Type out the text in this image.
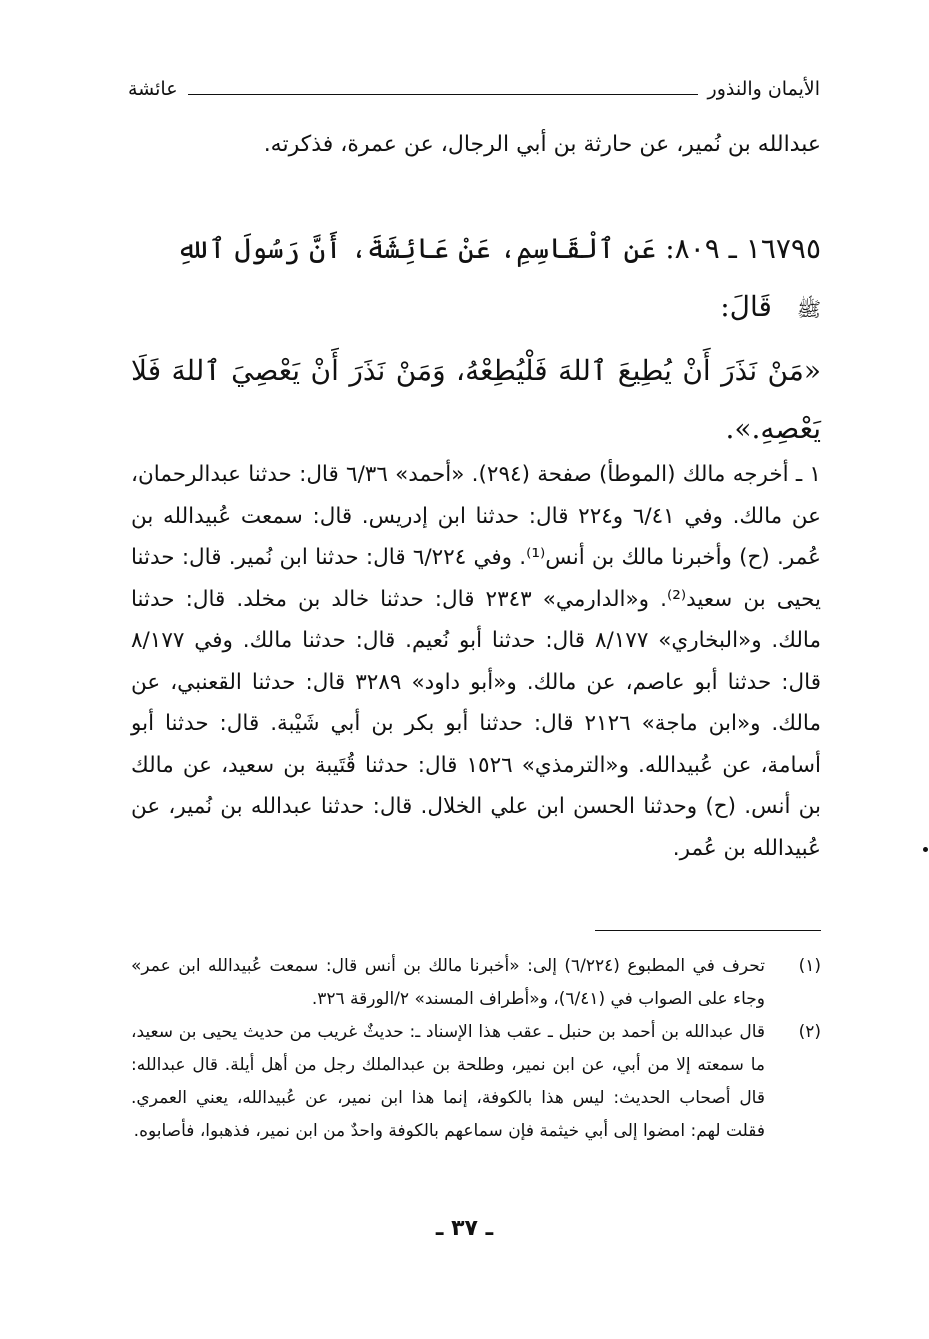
الأيمان والنذور
عائشة
عبدالله بن نُمير، عن حارثة بن أبي الرجال، عن عمرة، فذكرته.
١٦٧٩٥ ـ ٨٠٩: عَنِ ٱلْقَاسِمِ، عَنْ عَائِشَةَ، أَنَّ رَسُولَ ٱللهِ
ﷺ قَالَ:
«مَنْ نَذَرَ أَنْ يُطِيعَ ٱللهَ فَلْيُطِعْهُ، وَمَنْ نَذَرَ أَنْ يَعْصِيَ ٱللهَ فَلَا يَعْصِهِ.».
١ ـ أخرجه مالك (الموطأ) صفحة (٢٩٤). «أحمد» ٦/٣٦ قال: حدثنا عبدالرحمان، عن مالك. وفي ٦/٤١ و٢٢٤ قال: حدثنا ابن إدريس. قال: سمعت عُبيدالله بن عُمر. (ح) وأخبرنا مالك بن أنس⁽¹⁾. وفي ٦/٢٢٤ قال: حدثنا ابن نُمير. قال: حدثنا يحيى بن سعيد⁽²⁾. و«الدارمي» ٢٣٤٣ قال: حدثنا خالد بن مخلد. قال: حدثنا مالك. و«البخاري» ٨/١٧٧ قال: حدثنا أبو نُعيم. قال: حدثنا مالك. وفي ٨/١٧٧ قال: حدثنا أبو عاصم، عن مالك. و«أبو داود» ٣٢٨٩ قال: حدثنا القعنبي، عن مالك. و«ابن ماجة» ٢١٢٦ قال: حدثنا أبو بكر بن أبي شَيْبة. قال: حدثنا أبو أسامة، عن عُبيدالله. و«الترمذي» ١٥٢٦ قال: حدثنا قُتَيبة بن سعيد، عن مالك بن أنس. (ح) وحدثنا الحسن ابن علي الخلال. قال: حدثنا عبدالله بن نُمير، عن عُبيدالله بن عُمر.
(١)
تحرف في المطبوع (٦/٢٢٤) إلى: «أخبرنا مالك بن أنس قال: سمعت عُبيدالله ابن عمر» وجاء على الصواب في (٦/٤١)، و«أطراف المسند» ٢/الورقة ٣٢٦.
(٢)
قال عبدالله بن أحمد بن حنبل ـ عقب هذا الإسناد ـ: حديثٌ غريب من حديث يحيى بن سعيد، ما سمعته إلا من أبي، عن ابن نمير، وطلحة بن عبدالملك رجل من أهل أيلة. قال عبدالله: قال أصحاب الحديث: ليس هذا بالكوفة، إنما هذا ابن نمير، عن عُبيدالله، يعني العمري. فقلت لهم: امضوا إلى أبي خيثمة فإن سماعهم بالكوفة واحدٌ من ابن نمير، فذهبوا، فأصابوه.
ـ ٣٧ ـ
